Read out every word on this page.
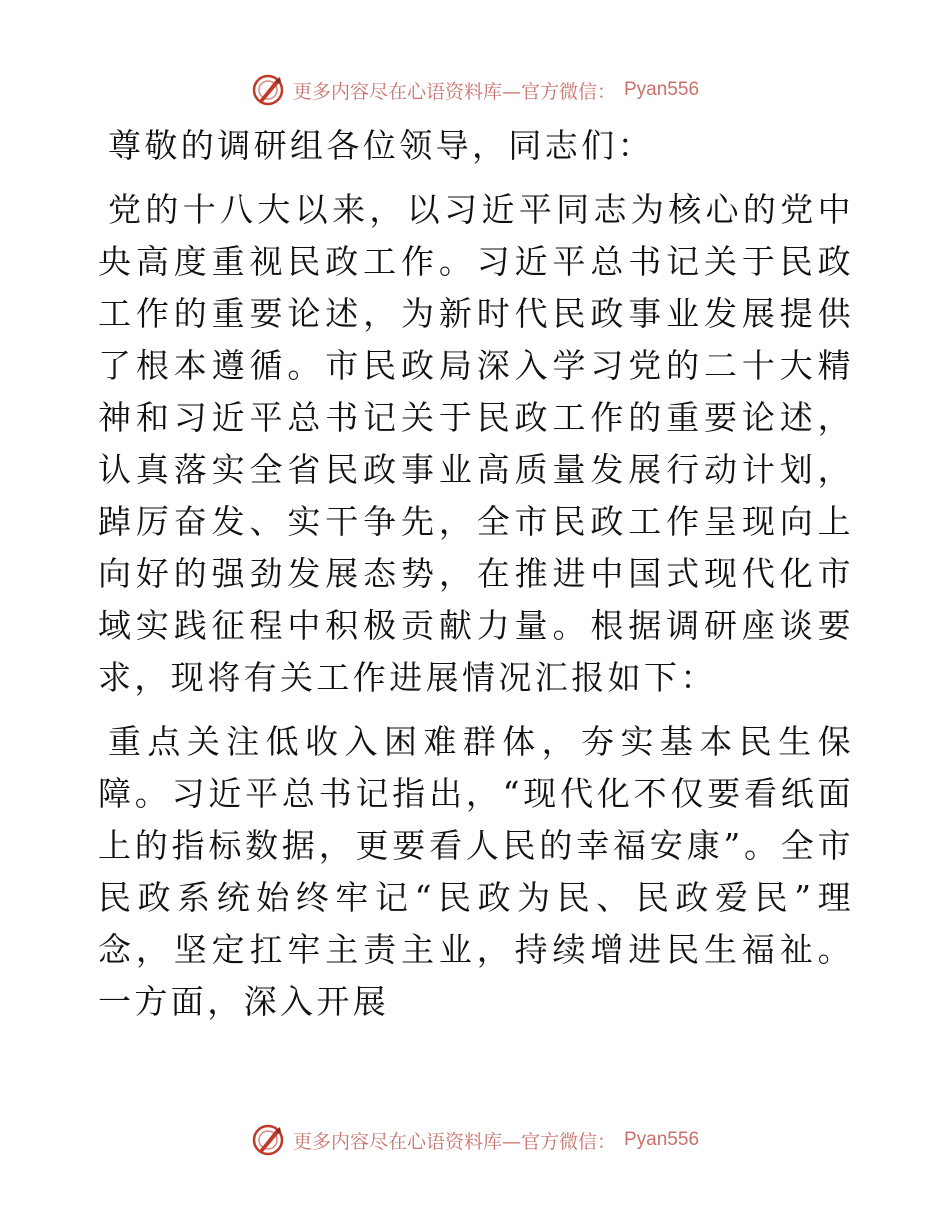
更多内容尽在心语资料库—官方微信： Pyan556

尊敬的调研组各位领导，同志们：

党的十八大以来，以习近平同志为核心的党中央高度重视民政工作。习近平总书记关于民政工作的重要论述，为新时代民政事业发展提供了根本遵循。市民政局深入学习党的二十大精神和习近平总书记关于民政工作的重要论述，认真落实全省民政事业高质量发展行动计划，踔厉奋发、实干争先，全市民政工作呈现向上向好的强劲发展态势，在推进中国式现代化市域实践征程中积极贡献力量。根据调研座谈要求，现将有关工作进展情况汇报如下：

重点关注低收入困难群体，夯实基本民生保障。习近平总书记指出，“现代化不仅要看纸面上的指标数据，更要看人民的幸福安康”。全市民政系统始终牢记“民政为民、民政爱民”理念，坚定扛牢主责主业，持续增进民生福祉。一方面，深入开展

更多内容尽在心语资料库—官方微信： Pyan556
